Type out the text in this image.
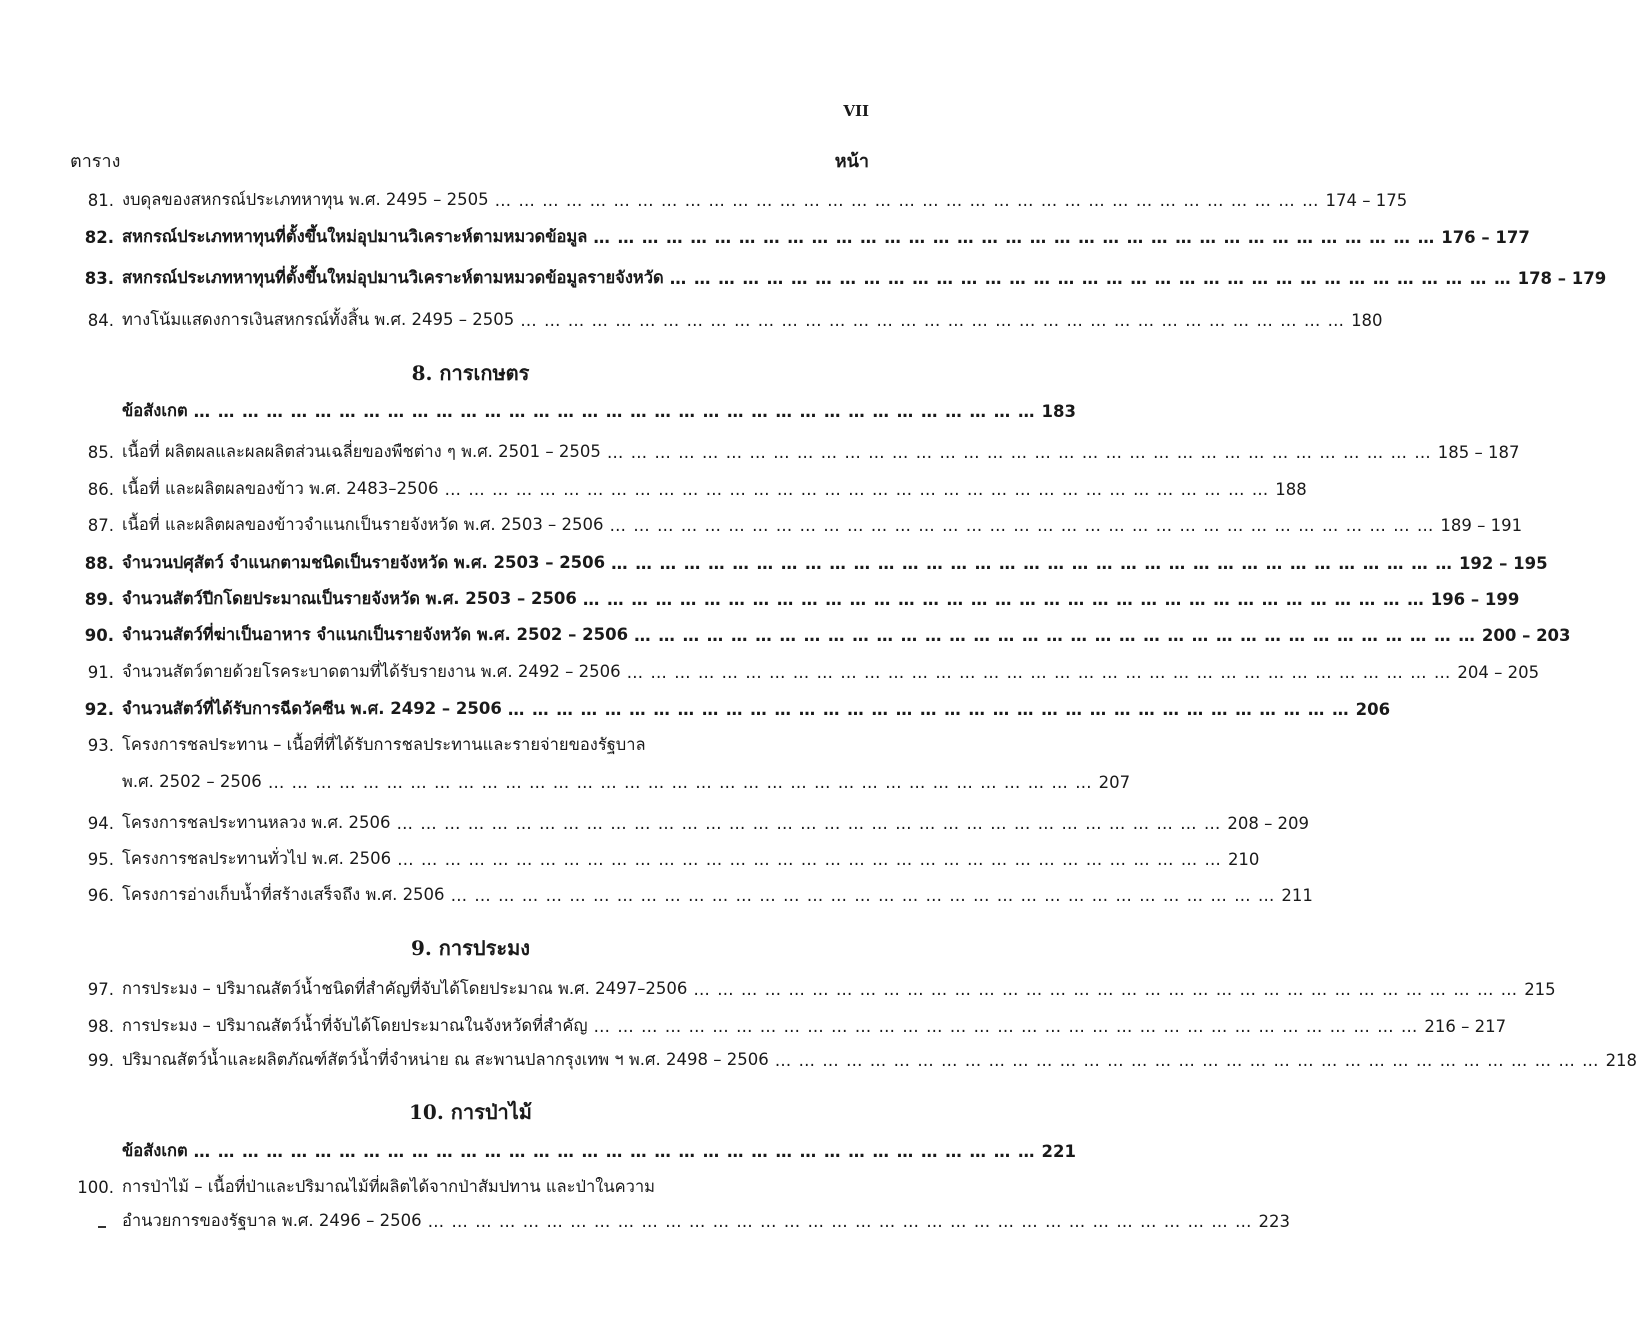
VII
ตาราง	หน้า
81. งบดุลของสหกรณ์ประเภทหาทุน พ.ศ. 2495 – 2505 … … … … … … … … … … … … … … … … … … … … … … … … … … … … … … … … … … …	174 – 175
82. สหกรณ์ประเภทหาทุนที่ตั้งขึ้นใหม่อุปมานวิเคราะห์ตามหมวดข้อมูล … … … … … … … … … … … … … … … … … … … … … … … … … … … … … … … … … … …	176 – 177
83. สหกรณ์ประเภทหาทุนที่ตั้งขึ้นใหม่อุปมานวิเคราะห์ตามหมวดข้อมูลรายจังหวัด … … … … … … … … … … … … … … … … … … … … … … … … … … … … … … … … … … …	178 – 179
84. ทางโน้มแสดงการเงินสหกรณ์ทั้งสิ้น พ.ศ. 2495 – 2505 … … … … … … … … … … … … … … … … … … … … … … … … … … … … … … … … … … …	180
8. การเกษตร
ข้อสังเกต … … … … … … … … … … … … … … … … … … … … … … … … … … … … … … … … … … …	183
85. เนื้อที่ ผลิตผลและผลผลิตส่วนเฉลี่ยของพืชต่าง ๆ พ.ศ. 2501 – 2505 … … … … … … … … … … … … … … … … … … … … … … … … … … … … … … … … … … …	185 – 187
86. เนื้อที่ และผลิตผลของข้าว พ.ศ. 2483–2506 … … … … … … … … … … … … … … … … … … … … … … … … … … … … … … … … … … …	188
87. เนื้อที่ และผลิตผลของข้าวจำแนกเป็นรายจังหวัด พ.ศ. 2503 – 2506 … … … … … … … … … … … … … … … … … … … … … … … … … … … … … … … … … … …	189 – 191
88. จำนวนปศุสัตว์ จำแนกตามชนิดเป็นรายจังหวัด พ.ศ. 2503 – 2506 … … … … … … … … … … … … … … … … … … … … … … … … … … … … … … … … … … …	192 – 195
89. จำนวนสัตว์ปีกโดยประมาณเป็นรายจังหวัด พ.ศ. 2503 – 2506 … … … … … … … … … … … … … … … … … … … … … … … … … … … … … … … … … … …	196 – 199
90. จำนวนสัตว์ที่ฆ่าเป็นอาหาร จำแนกเป็นรายจังหวัด พ.ศ. 2502 – 2506 … … … … … … … … … … … … … … … … … … … … … … … … … … … … … … … … … … …	200 – 203
91. จำนวนสัตว์ตายด้วยโรคระบาดตามที่ได้รับรายงาน พ.ศ. 2492 – 2506 … … … … … … … … … … … … … … … … … … … … … … … … … … … … … … … … … … …	204 – 205
92. จำนวนสัตว์ที่ได้รับการฉีดวัคซีน พ.ศ. 2492 – 2506 … … … … … … … … … … … … … … … … … … … … … … … … … … … … … … … … … … …	206
93. โครงการชลประทาน – เนื้อที่ที่ได้รับการชลประทานและรายจ่ายของรัฐบาล
พ.ศ. 2502 – 2506 … … … … … … … … … … … … … … … … … … … … … … … … … … … … … … … … … … …	207
94. โครงการชลประทานหลวง พ.ศ. 2506 … … … … … … … … … … … … … … … … … … … … … … … … … … … … … … … … … … …	208 – 209
95. โครงการชลประทานทั่วไป พ.ศ. 2506 … … … … … … … … … … … … … … … … … … … … … … … … … … … … … … … … … … …	210
96. โครงการอ่างเก็บน้ำที่สร้างเสร็จถึง พ.ศ. 2506 … … … … … … … … … … … … … … … … … … … … … … … … … … … … … … … … … … …	211
9. การประมง
97. การประมง – ปริมาณสัตว์น้ำชนิดที่สำคัญที่จับได้โดยประมาณ พ.ศ. 2497–2506 … … … … … … … … … … … … … … … … … … … … … … … … … … … … … … … … … … …	215
98. การประมง – ปริมาณสัตว์น้ำที่จับได้โดยประมาณในจังหวัดที่สำคัญ … … … … … … … … … … … … … … … … … … … … … … … … … … … … … … … … … … …	216 – 217
99. ปริมาณสัตว์น้ำและผลิตภัณฑ์สัตว์น้ำที่จำหน่าย ณ สะพานปลากรุงเทพ ฯ พ.ศ. 2498 – 2506 … … … … … … … … … … … … … … … … … … … … … … … … … … … … … … … … … … …	218
10. การป่าไม้
ข้อสังเกต … … … … … … … … … … … … … … … … … … … … … … … … … … … … … … … … … … …	221
100. การป่าไม้ – เนื้อที่ป่าและปริมาณไม้ที่ผลิตได้จากป่าสัมปทาน และป่าในความ
อำนวยการของรัฐบาล พ.ศ. 2496 – 2506 … … … … … … … … … … … … … … … … … … … … … … … … … … … … … … … … … … …	223
